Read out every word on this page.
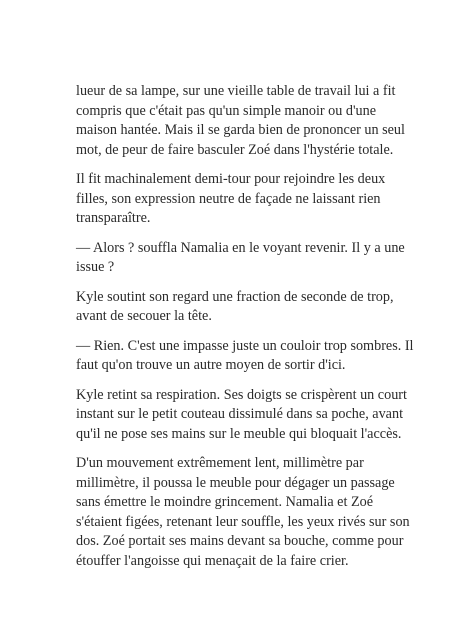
lueur de sa lampe, sur une vieille table de travail lui a fit
compris que c'était pas qu'un simple manoir ou d'une
maison hantée. Mais il se garda bien de prononcer un seul
mot, de peur de faire basculer Zoé dans l'hystérie totale.

Il fit machinalement demi-tour pour rejoindre les deux
filles, son expression neutre de façade ne laissant rien
transparaître.

— Alors ? souffla Namalia en le voyant revenir. Il y a une
issue ?

Kyle soutint son regard une fraction de seconde de trop,
avant de secouer la tête.

— Rien. C'est une impasse juste un couloir trop sombres. Il
faut qu'on trouve un autre moyen de sortir d'ici.

Kyle retint sa respiration. Ses doigts se crispèrent un court
instant sur le petit couteau dissimulé dans sa poche, avant
qu'il ne pose ses mains sur le meuble qui bloquait l'accès.

D'un mouvement extrêmement lent, millimètre par
millimètre, il poussa le meuble pour dégager un passage
sans émettre le moindre grincement. Namalia et Zoé
s'étaient figées, retenant leur souffle, les yeux rivés sur son
dos. Zoé portait ses mains devant sa bouche, comme pour
étouffer l'angoisse qui menaçait de la faire crier.
